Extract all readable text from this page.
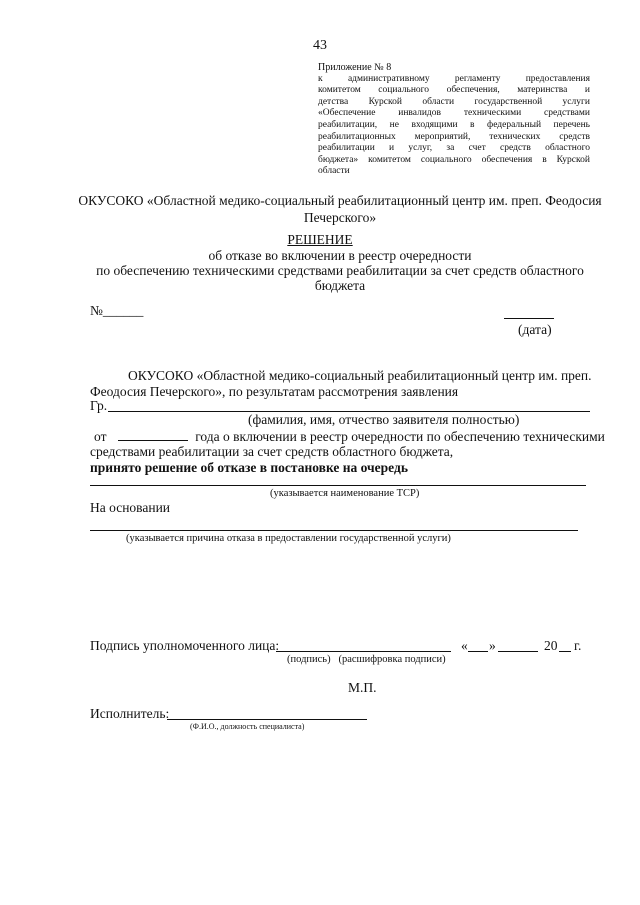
43
Приложение № 8
к административному регламенту предоставления
комитетом социального обеспечения, материнства и
детства Курской области государственной услуги
«Обеспечение инвалидов техническими средствами
реабилитации, не входящими в федеральный перечень
реабилитационных мероприятий, технических средств
реабилитации и услуг, за счет средств областного
бюджета» комитетом социального обеспечения в Курской
области
ОКУСОКО «Областной медико-социальный реабилитационный центр им. преп. Феодосия Печерского»
РЕШЕНИЕ
об отказе во включении в реестр очередности
по обеспечению техническими средствами реабилитации за счет средств областного
бюджета
№______
(дата)
ОКУСОКО «Областной медико-социальный реабилитационный центр им. преп.
Феодосия Печерского», по результатам рассмотрения заявления
Гр.
(фамилия, имя, отчество заявителя полностью)
от	года о включении в реестр очередности по обеспечению техническими
средствами реабилитации за счет средств областного бюджета,
принято решение об отказе в постановке на очередь
(указывается наименование ТСР)
На основании
(указывается причина отказа в предоставлении государственной услуги)
Подпись уполномоченного лица:	« »	20 г.
(подпись)   (расшифровка подписи)
М.П.
Исполнитель:
(Ф.И.О., должность специалиста)
